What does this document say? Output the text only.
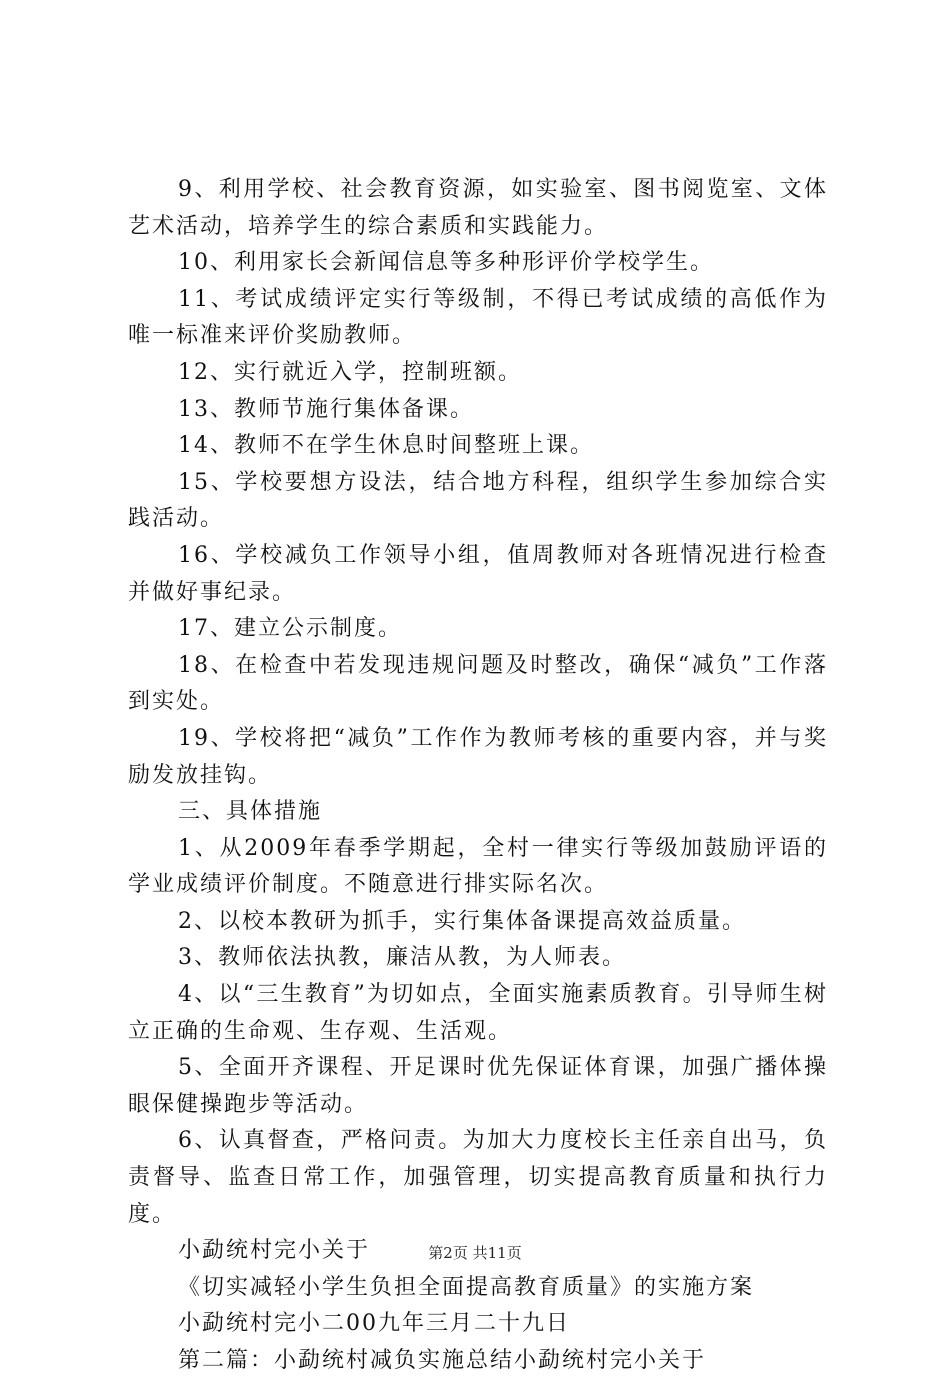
9、利用学校、社会教育资源，如实验室、图书阅览室、文体艺术活动，培养学生的综合素质和实践能力。

10、利用家长会新闻信息等多种形评价学校学生。

11、考试成绩评定实行等级制，不得已考试成绩的高低作为唯一标准来评价奖励教师。

12、实行就近入学，控制班额。

13、教师节施行集体备课。

14、教师不在学生休息时间整班上课。

15、学校要想方设法，结合地方科程，组织学生参加综合实践活动。

16、学校减负工作领导小组，值周教师对各班情况进行检查并做好事纪录。

17、建立公示制度。

18、在检查中若发现违规问题及时整改，确保“减负”工作落到实处。

19、学校将把“减负”工作作为教师考核的重要内容，并与奖励发放挂钩。

三、具体措施

1、从2009年春季学期起，全村一律实行等级加鼓励评语的学业成绩评价制度。不随意进行排实际名次。

2、以校本教研为抓手，实行集体备课提高效益质量。

3、教师依法执教，廉洁从教，为人师表。

4、以“三生教育”为切如点，全面实施素质教育。引导师生树立正确的生命观、生存观、生活观。

5、全面开齐课程、开足课时优先保证体育课，加强广播体操眼保健操跑步等活动。

6、认真督查，严格问责。为加大力度校长主任亲自出马，负责督导、监查日常工作，加强管理，切实提高教育质量和执行力度。

小勐统村完小关于

《切实减轻小学生负担全面提高教育质量》的实施方案

小勐统村完小二00九年三月二十九日

第二篇：小勐统村减负实施总结小勐统村完小关于

第2页 共11页
